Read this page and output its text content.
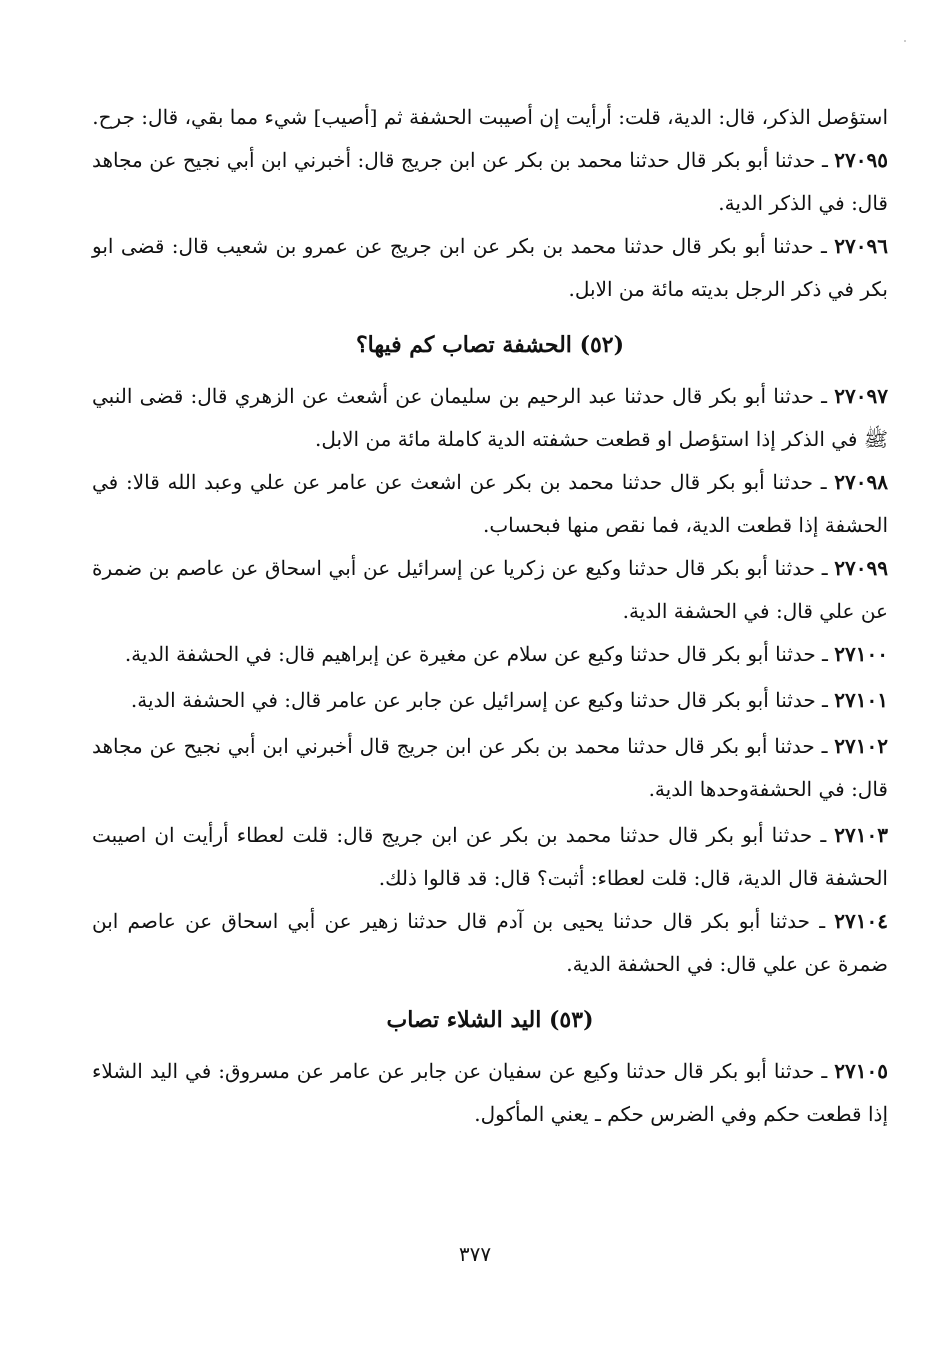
استؤصل الذكر، قال: الدية، قلت: أرأيت إن أصيبت الحشفة ثم [أصيب] شيء مما بقي، قال: جرح.

٢٧٠٩٥ ـ حدثنا أبو بكر قال حدثنا محمد بن بكر عن ابن جريج قال: أخبرني ابن أبي نجيح عن مجاهد قال: في الذكر الدية.

٢٧٠٩٦ ـ حدثنا أبو بكر قال حدثنا محمد بن بكر عن ابن جريج عن عمرو بن شعيب قال: قضى ابو بكر في ذكر الرجل بديته مائة من الابل.

(٥٢) الحشفة تصاب كم فيها؟

٢٧٠٩٧ ـ حدثنا أبو بكر قال حدثنا عبد الرحيم بن سليمان عن أشعث عن الزهري قال: قضى النبي ﷺ في الذكر إذا استؤصل او قطعت حشفته الدية كاملة مائة من الابل.

٢٧٠٩٨ ـ حدثنا أبو بكر قال حدثنا محمد بن بكر عن اشعث عن عامر عن علي وعبد الله قالا: في الحشفة إذا قطعت الدية، فما نقص منها فبحساب.

٢٧٠٩٩ ـ حدثنا أبو بكر قال حدثنا وكيع عن زكريا عن إسرائيل عن أبي اسحاق عن عاصم بن ضمرة عن علي قال: في الحشفة الدية.

٢٧١٠٠ ـ حدثنا أبو بكر قال حدثنا وكيع عن سلام عن مغيرة عن إبراهيم قال: في الحشفة الدية.

٢٧١٠١ ـ حدثنا أبو بكر قال حدثنا وكيع عن إسرائيل عن جابر عن عامر قال: في الحشفة الدية.

٢٧١٠٢ ـ حدثنا أبو بكر قال حدثنا محمد بن بكر عن ابن جريج قال أخبرني ابن أبي نجيح عن مجاهد قال: في الحشفةوحدها الدية.

٢٧١٠٣ ـ حدثنا أبو بكر قال حدثنا محمد بن بكر عن ابن جريج قال: قلت لعطاء أرأيت ان اصيبت الحشفة قال الدية، قال: قلت لعطاء: أثبت؟ قال: قد قالوا ذلك.

٢٧١٠٤ ـ حدثنا أبو بكر قال حدثنا يحيى بن آدم قال حدثنا زهير عن أبي اسحاق عن عاصم ابن ضمرة عن علي قال: في الحشفة الدية.

(٥٣) اليد الشلاء تصاب

٢٧١٠٥ ـ حدثنا أبو بكر قال حدثنا وكيع عن سفيان عن جابر عن عامر عن مسروق: في اليد الشلاء إذا قطعت حكم وفي الضرس حكم ـ يعني المأكول.

٣٧٧
